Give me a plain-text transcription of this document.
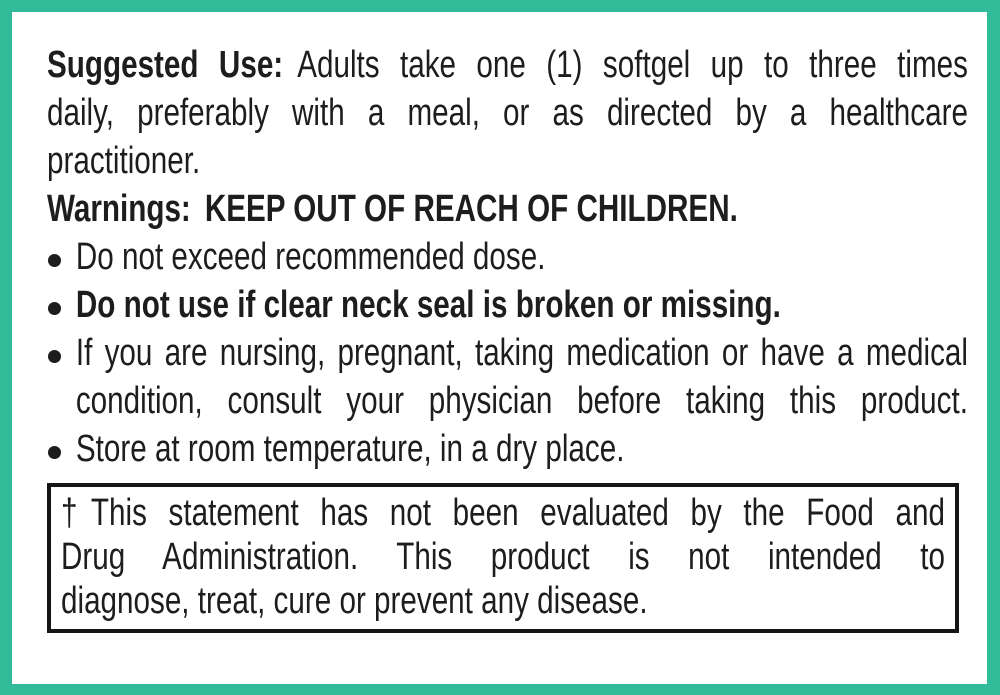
Suggested Use: Adults take one (1) softgel up to three times
daily, preferably with a meal, or as directed by a healthcare
practitioner.
Warnings: KEEP OUT OF REACH OF CHILDREN.
Do not exceed recommended dose.
Do not use if clear neck seal is broken or missing.
If you are nursing, pregnant, taking medication or have a medical
condition, consult your physician before taking this product.
Store at room temperature, in a dry place.
†This statement has not been evaluated by the Food and
Drug Administration. This product is not intended to
diagnose, treat, cure or prevent any disease.
